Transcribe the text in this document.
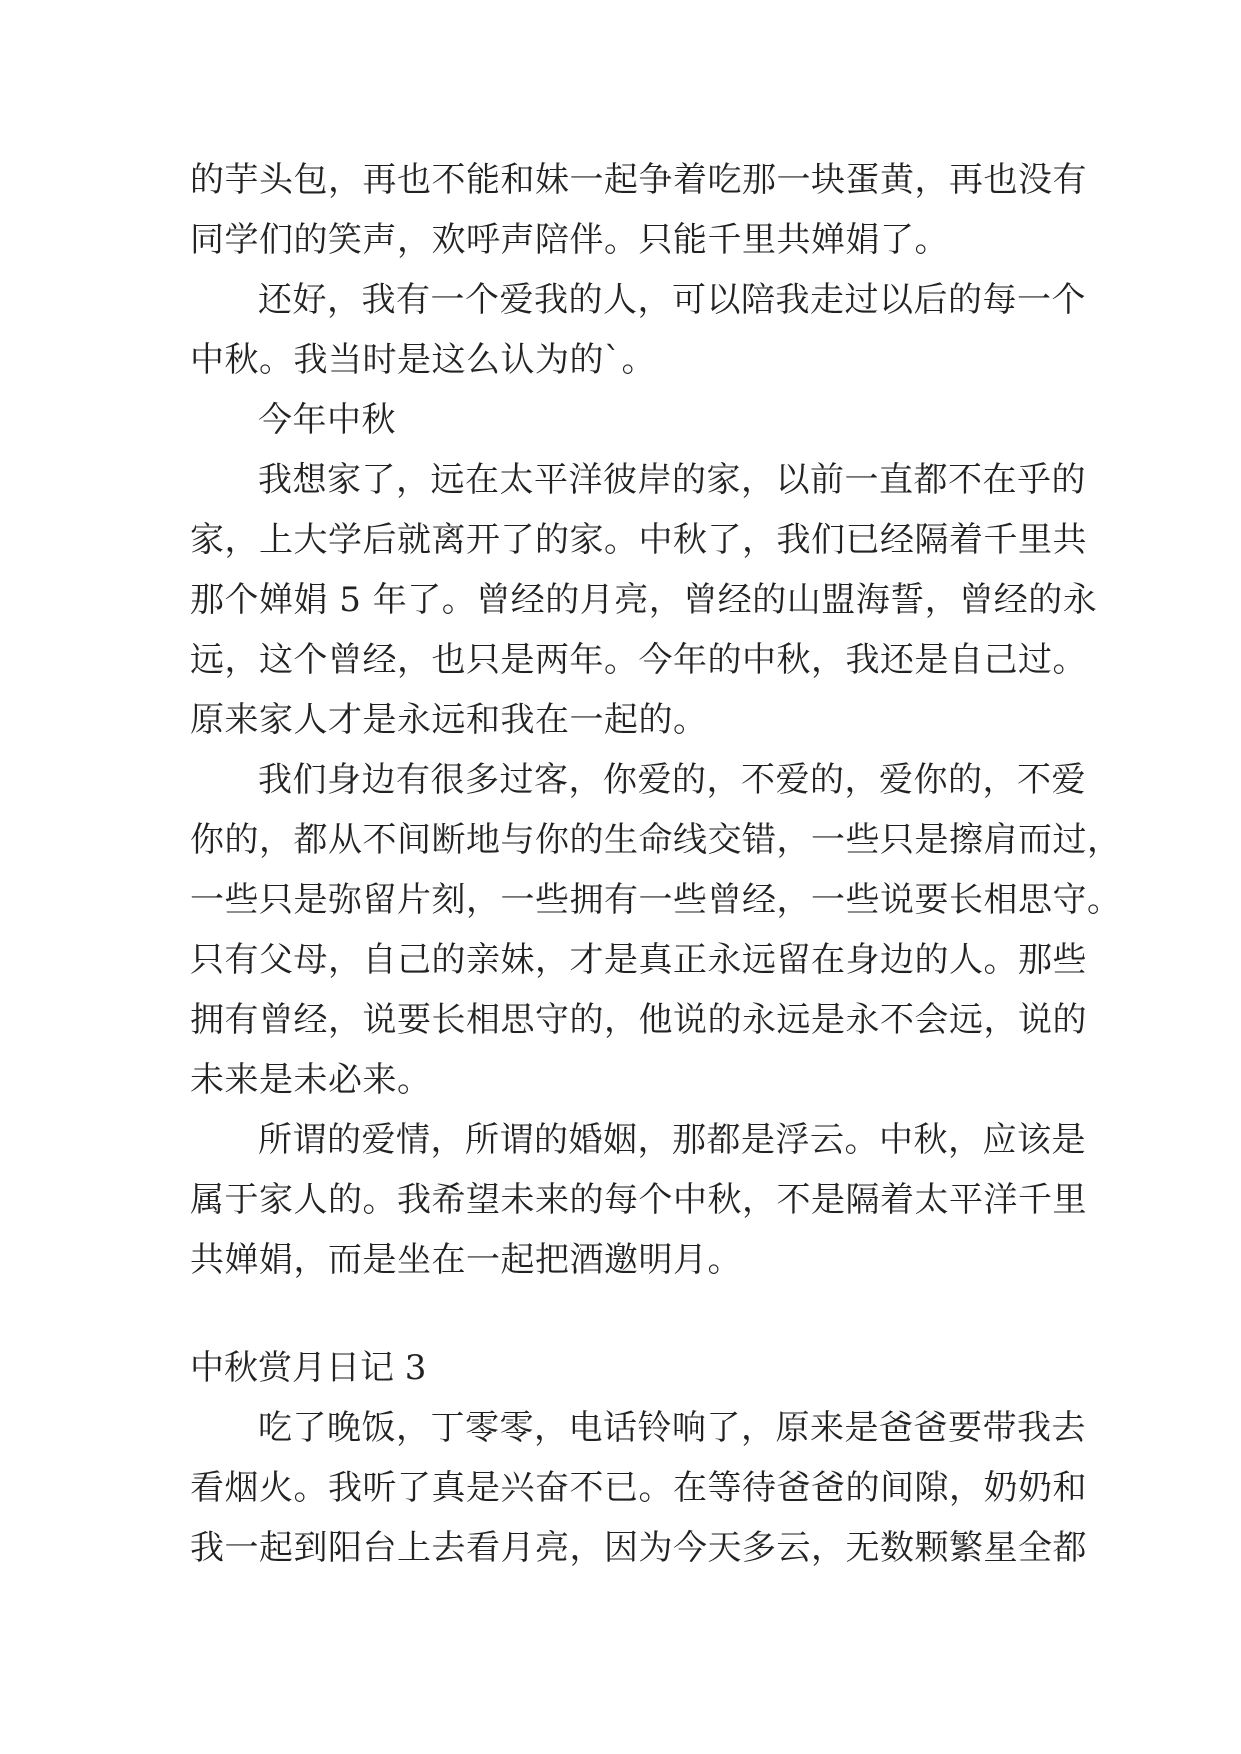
的芋头包，再也不能和妹一起争着吃那一块蛋黄，再也没有
同学们的笑声，欢呼声陪伴。只能千里共婵娟了。
还好，我有一个爱我的人，可以陪我走过以后的每一个
中秋。我当时是这么认为的`。
今年中秋
我想家了，远在太平洋彼岸的家，以前一直都不在乎的
家，上大学后就离开了的家。中秋了，我们已经隔着千里共
那个婵娟 5 年了。曾经的月亮，曾经的山盟海誓，曾经的永
远，这个曾经，也只是两年。今年的中秋，我还是自己过。
原来家人才是永远和我在一起的。
我们身边有很多过客，你爱的，不爱的，爱你的，不爱
你的，都从不间断地与你的生命线交错，一些只是擦肩而过，
一些只是弥留片刻，一些拥有一些曾经，一些说要长相思守。
只有父母，自己的亲妹，才是真正永远留在身边的人。那些
拥有曾经，说要长相思守的，他说的永远是永不会远，说的
未来是未必来。
所谓的爱情，所谓的婚姻，那都是浮云。中秋，应该是
属于家人的。我希望未来的每个中秋，不是隔着太平洋千里
共婵娟，而是坐在一起把酒邀明月。
中秋赏月日记 3
吃了晚饭，丁零零，电话铃响了，原来是爸爸要带我去
看烟火。我听了真是兴奋不已。在等待爸爸的间隙，奶奶和
我一起到阳台上去看月亮，因为今天多云，无数颗繁星全都
